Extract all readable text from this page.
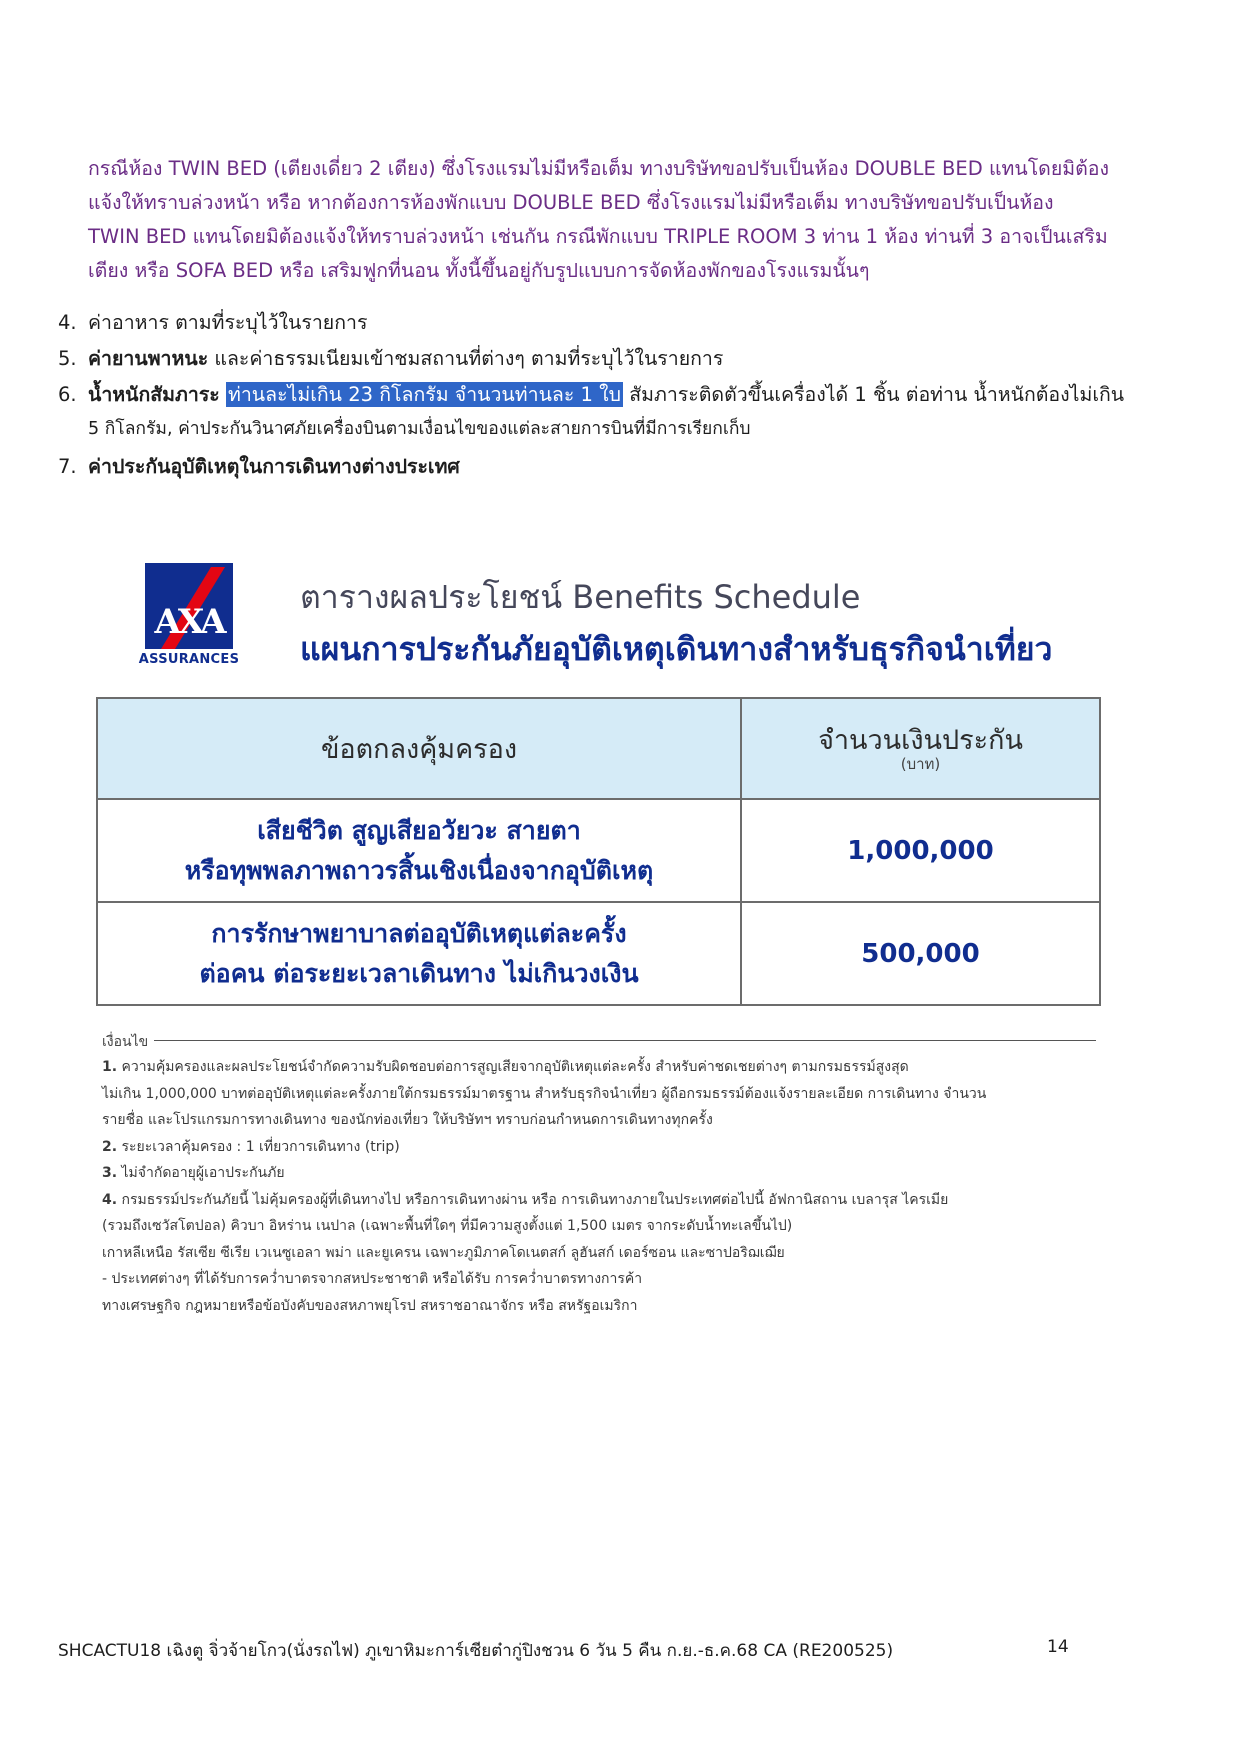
กรณีห้อง TWIN BED (เตียงเดี่ยว 2 เตียง) ซึ่งโรงแรมไม่มีหรือเต็ม ทางบริษัทขอปรับเป็นห้อง DOUBLE BED แทนโดยมิต้อง
แจ้งให้ทราบล่วงหน้า หรือ หากต้องการห้องพักแบบ DOUBLE BED ซึ่งโรงแรมไม่มีหรือเต็ม ทางบริษัทขอปรับเป็นห้อง
TWIN BED แทนโดยมิต้องแจ้งให้ทราบล่วงหน้า เช่นกัน กรณีพักแบบ TRIPLE ROOM 3 ท่าน 1 ห้อง ท่านที่ 3 อาจเป็นเสริม
เตียง หรือ SOFA BED หรือ เสริมฟูกที่นอน ทั้งนี้ขึ้นอยู่กับรูปแบบการจัดห้องพักของโรงแรมนั้นๆ
4. ค่าอาหาร ตามที่ระบุไว้ในรายการ
5. ค่ายานพาหนะ และค่าธรรมเนียมเข้าชมสถานที่ต่างๆ ตามที่ระบุไว้ในรายการ
6. น้ำหนักสัมภาระ ท่านละไม่เกิน 23 กิโลกรัม จำนวนท่านละ 1 ใบ สัมภาระติดตัวขึ้นเครื่องได้ 1 ชิ้น ต่อท่าน น้ำหนักต้องไม่เกิน
5 กิโลกรัม, ค่าประกันวินาศภัยเครื่องบินตามเงื่อนไขของแต่ละสายการบินที่มีการเรียกเก็บ
7. ค่าประกันอุบัติเหตุในการเดินทางต่างประเทศ
AXA
ASSURANCES
ตารางผลประโยชน์ Benefits Schedule
แผนการประกันภัยอุบัติเหตุเดินทางสำหรับธุรกิจนำเที่ยว
ข้อตกลงคุ้มครอง	จำนวนเงินประกัน
(บาท)

เสียชีวิต สูญเสียอวัยวะ สายตา
หรือทุพพลภาพถาวรสิ้นเชิงเนื่องจากอุบัติเหตุ	1,000,000

การรักษาพยาบาลต่ออุบัติเหตุแต่ละครั้ง
ต่อคน ต่อระยะเวลาเดินทาง ไม่เกินวงเงิน	500,000
เงื่อนไข
1. ความคุ้มครองและผลประโยชน์จำกัดความรับผิดชอบต่อการสูญเสียจากอุบัติเหตุแต่ละครั้ง สำหรับค่าชดเชยต่างๆ ตามกรมธรรม์สูงสุด
ไม่เกิน 1,000,000 บาทต่ออุบัติเหตุแต่ละครั้งภายใต้กรมธรรม์มาตรฐาน สำหรับธุรกิจนำเที่ยว ผู้ถือกรมธรรม์ต้องแจ้งรายละเอียด การเดินทาง จำนวน
รายชื่อ และโปรแกรมการทางเดินทาง ของนักท่องเที่ยว ให้บริษัทฯ ทราบก่อนกำหนดการเดินทางทุกครั้ง
2. ระยะเวลาคุ้มครอง : 1 เที่ยวการเดินทาง (trip)
3. ไม่จำกัดอายุผู้เอาประกันภัย
4. กรมธรรม์ประกันภัยนี้ ไม่คุ้มครองผู้ที่เดินทางไป หรือการเดินทางผ่าน หรือ การเดินทางภายในประเทศต่อไปนี้ อัฟกานิสถาน เบลารุส ไครเมีย
(รวมถึงเซวัสโตปอล) คิวบา อิหร่าน เนปาล (เฉพาะพื้นที่ใดๆ ที่มีความสูงตั้งแต่ 1,500 เมตร จากระดับน้ำทะเลขึ้นไป)
เกาหลีเหนือ รัสเซีย ซีเรีย เวเนซูเอลา พม่า และยูเครน เฉพาะภูมิภาคโดเนตสก์ ลูฮันสก์ เดอร์ซอน และซาปอริฌเฌีย
- ประเทศต่างๆ ที่ได้รับการคว่ำบาตรจากสหประชาชาติ หรือได้รับ การคว่ำบาตรทางการค้า
ทางเศรษฐกิจ กฎหมายหรือข้อบังคับของสหภาพยุโรป สหราชอาณาจักร หรือ สหรัฐอเมริกา
SHCACTU18 เฉิงตู จิ่วจ้ายโกว(นั่งรถไฟ) ภูเขาหิมะการ์เซียต๋ากู่ปิงชวน 6 วัน 5 คืน ก.ย.-ธ.ค.68 CA (RE200525)	14
